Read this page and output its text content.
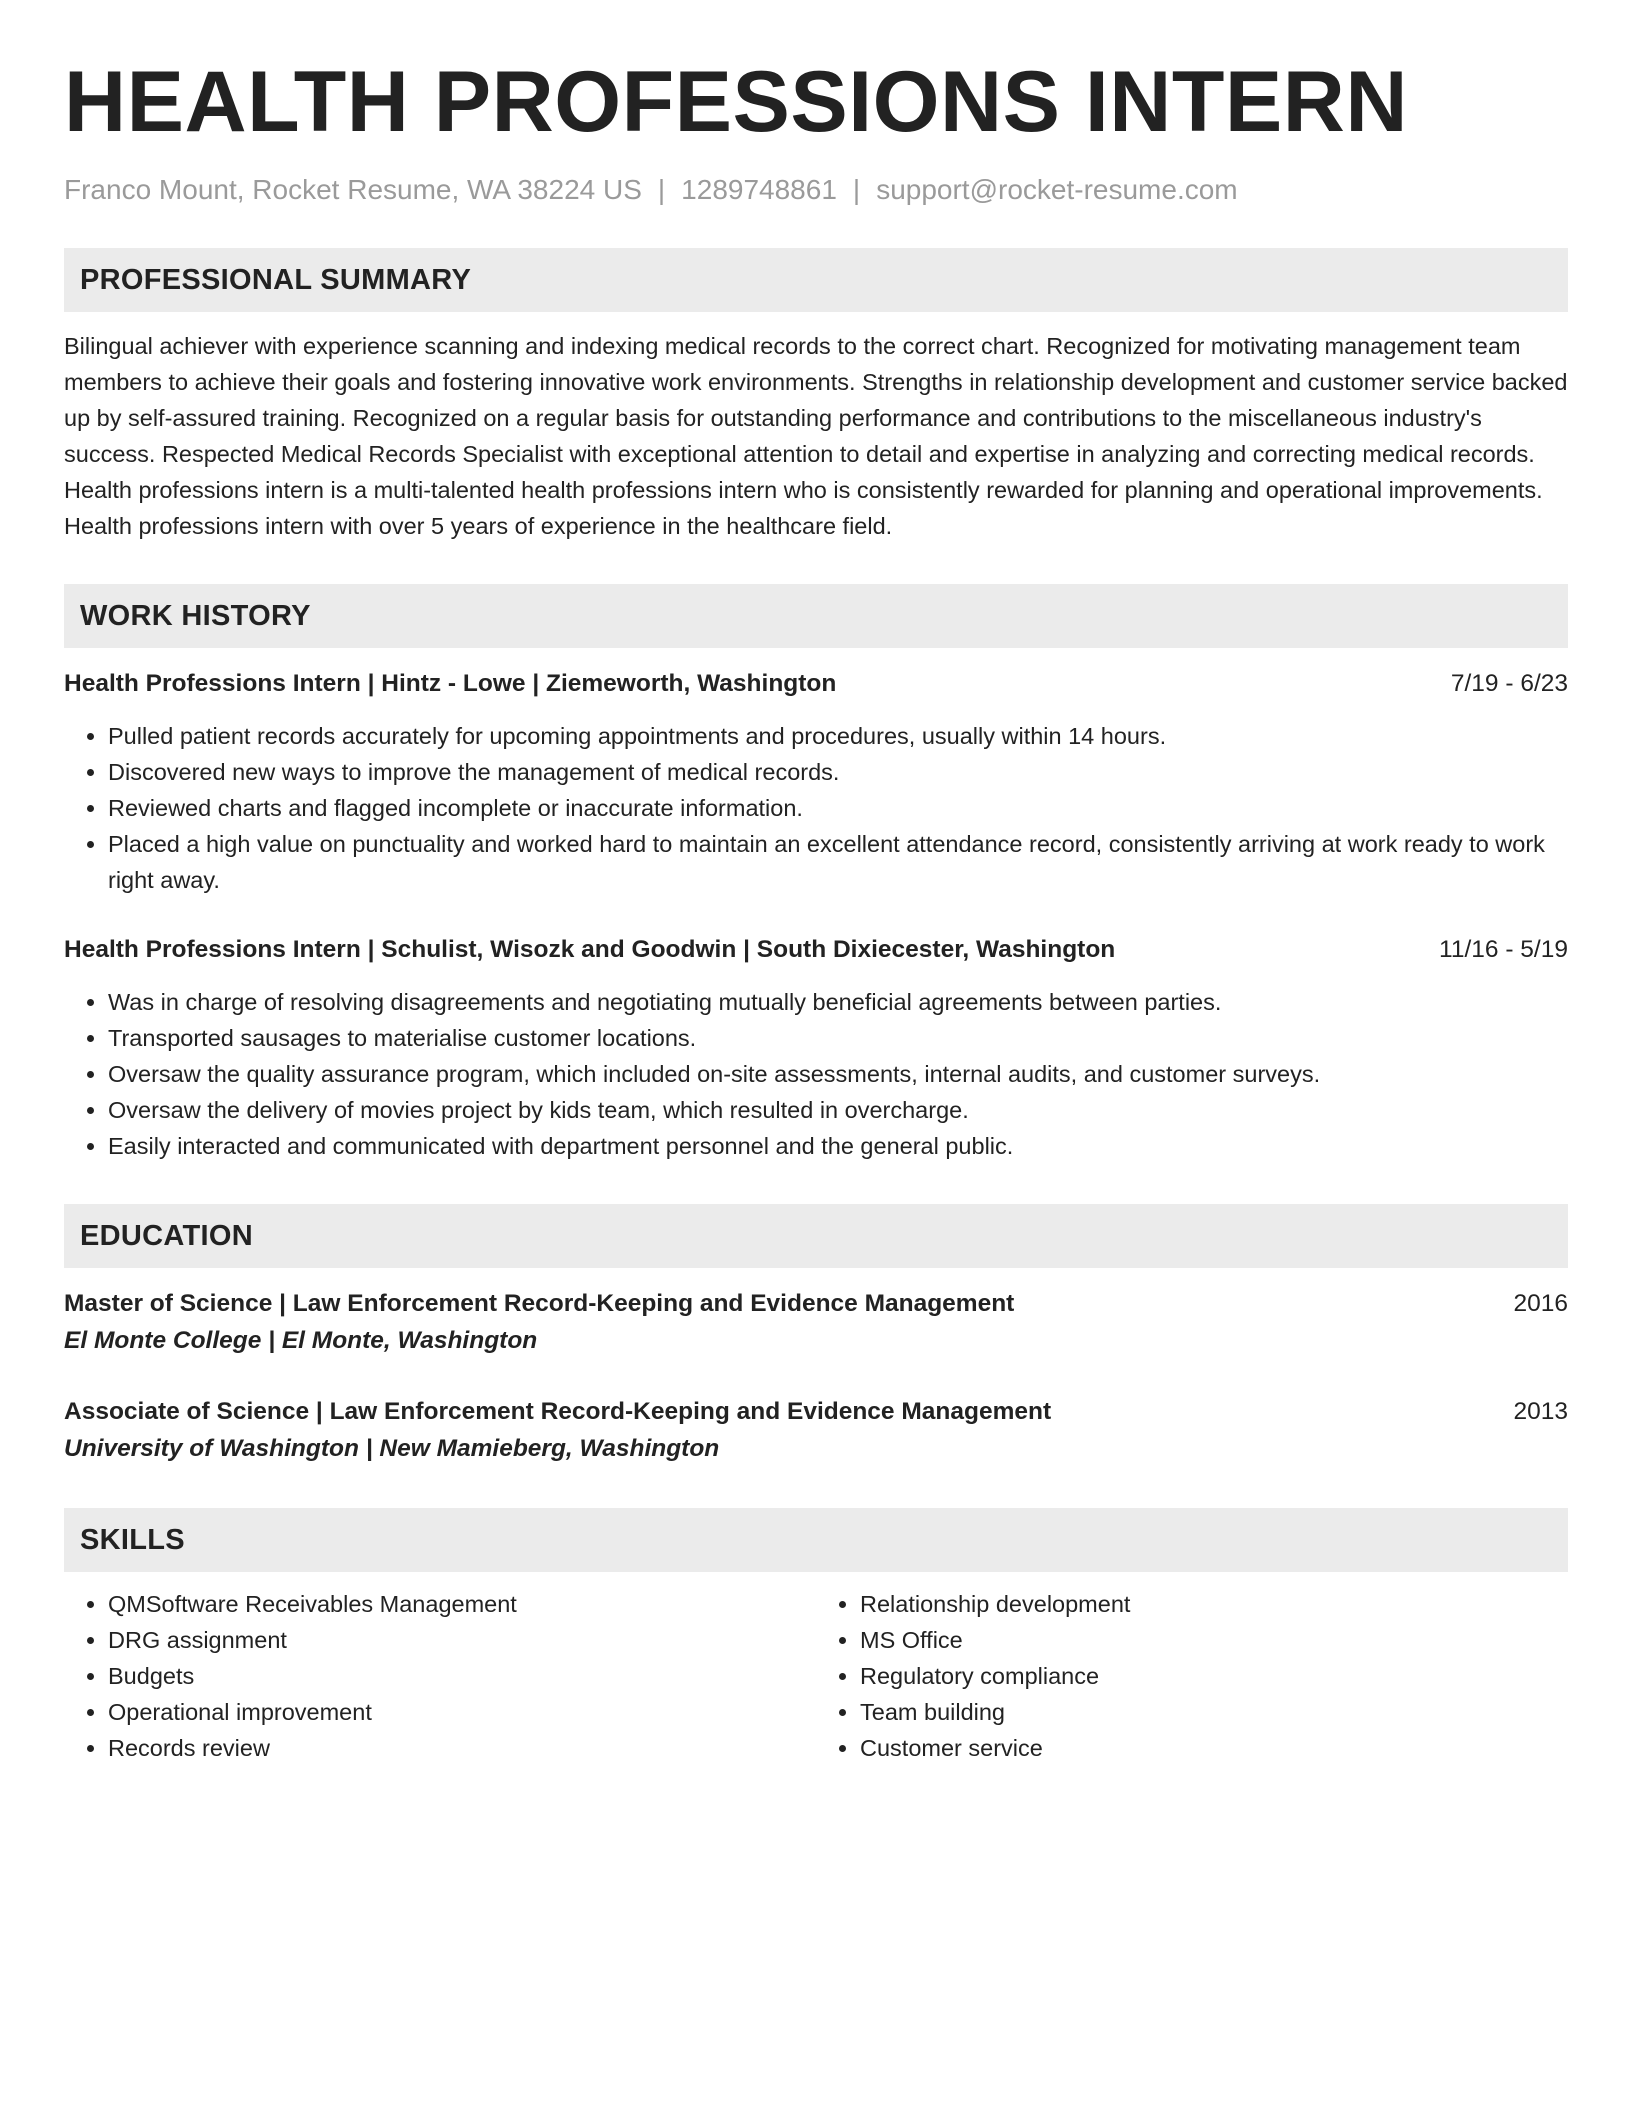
HEALTH PROFESSIONS INTERN
Franco Mount, Rocket Resume, WA 38224 US | 1289748861 | support@rocket-resume.com
PROFESSIONAL SUMMARY
Bilingual achiever with experience scanning and indexing medical records to the correct chart. Recognized for motivating management team members to achieve their goals and fostering innovative work environments. Strengths in relationship development and customer service backed up by self-assured training. Recognized on a regular basis for outstanding performance and contributions to the miscellaneous industry's success. Respected Medical Records Specialist with exceptional attention to detail and expertise in analyzing and correcting medical records. Health professions intern is a multi-talented health professions intern who is consistently rewarded for planning and operational improvements. Health professions intern with over 5 years of experience in the healthcare field.
WORK HISTORY
Health Professions Intern | Hintz - Lowe | Ziemeworth, Washington	7/19 - 6/23
• Pulled patient records accurately for upcoming appointments and procedures, usually within 14 hours.
• Discovered new ways to improve the management of medical records.
• Reviewed charts and flagged incomplete or inaccurate information.
• Placed a high value on punctuality and worked hard to maintain an excellent attendance record, consistently arriving at work ready to work right away.
Health Professions Intern | Schulist, Wisozk and Goodwin | South Dixiecester, Washington	11/16 - 5/19
• Was in charge of resolving disagreements and negotiating mutually beneficial agreements between parties.
• Transported sausages to materialise customer locations.
• Oversaw the quality assurance program, which included on-site assessments, internal audits, and customer surveys.
• Oversaw the delivery of movies project by kids team, which resulted in overcharge.
• Easily interacted and communicated with department personnel and the general public.
EDUCATION
Master of Science | Law Enforcement Record-Keeping and Evidence Management	2016
El Monte College | El Monte, Washington
Associate of Science | Law Enforcement Record-Keeping and Evidence Management	2013
University of Washington | New Mamieberg, Washington
SKILLS
• QMSoftware Receivables Management
• DRG assignment
• Budgets
• Operational improvement
• Records review
• Relationship development
• MS Office
• Regulatory compliance
• Team building
• Customer service
